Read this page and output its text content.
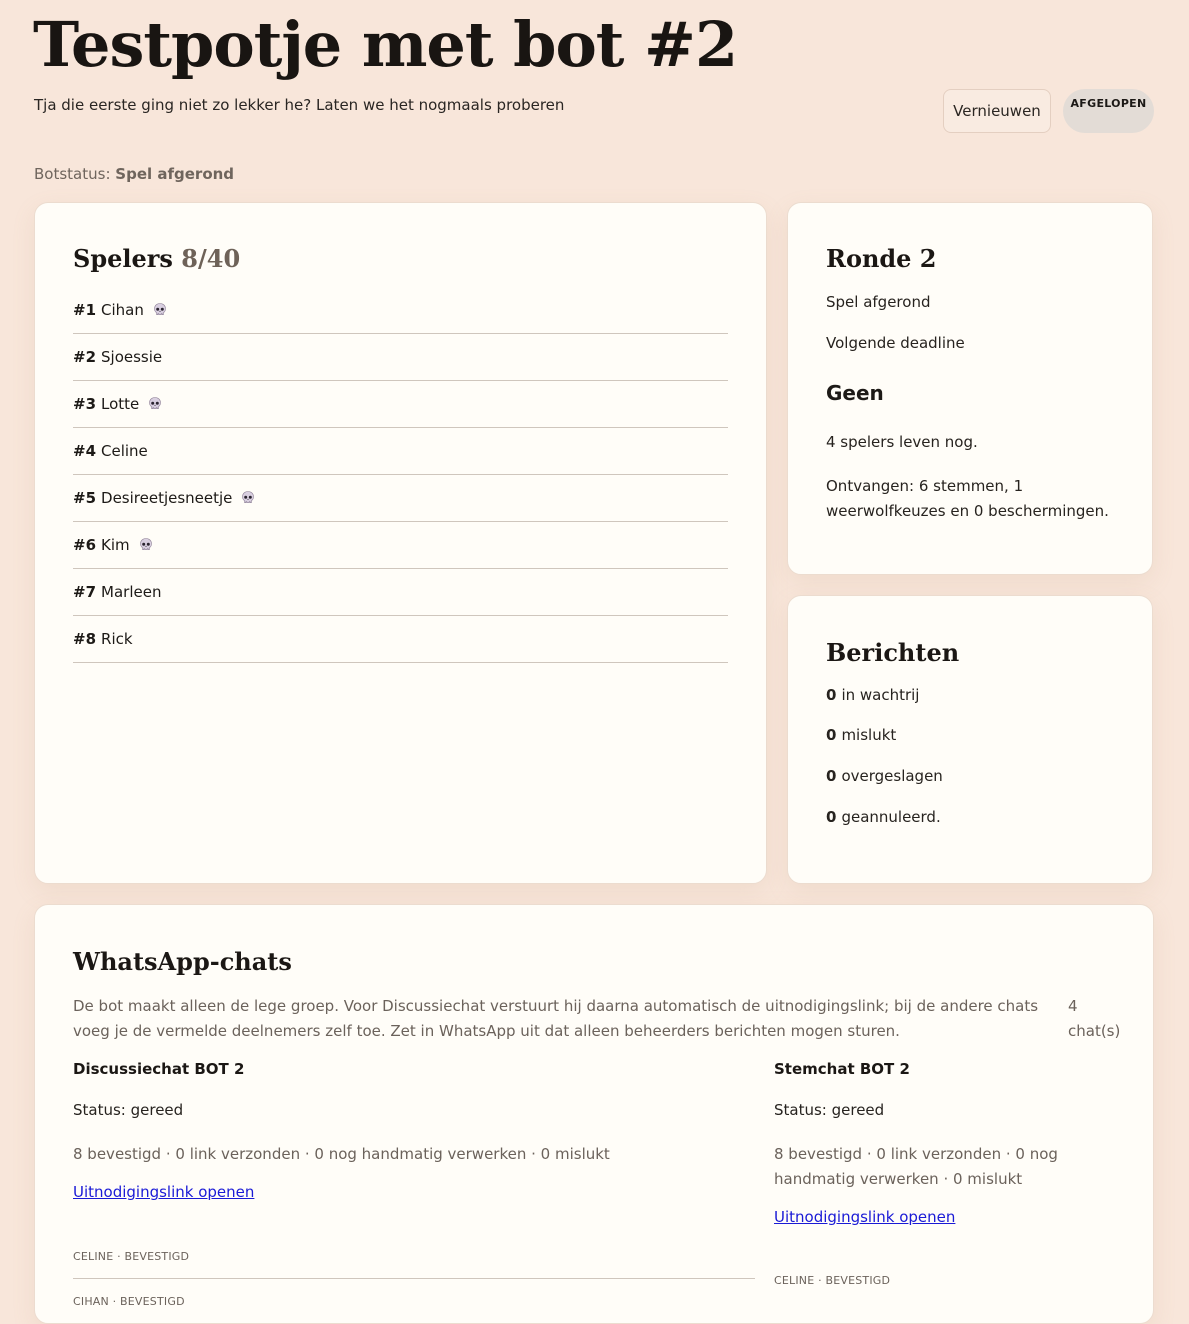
Testpotje met bot #2
Tja die eerste ging niet zo lekker he? Laten we het nogmaals proberen	Vernieuwen	AFGELOPEN
Botstatus: Spel afgerond
Spelers 8/40
#1 Cihan
#2 Sjoessie
#3 Lotte
#4 Celine
#5 Desireetjesneetje
#6 Kim
#7 Marleen
#8 Rick
Ronde 2
Spel afgerond
Volgende deadline
Geen
4 spelers leven nog.
Ontvangen: 6 stemmen, 1 weerwolfkeuzes en 0 beschermingen.
Berichten
0 in wachtrij
0 mislukt
0 overgeslagen
0 geannuleerd.
WhatsApp-chats
De bot maakt alleen de lege groep. Voor Discussiechat verstuurt hij daarna automatisch de uitnodigingslink; bij de andere chats voeg je de vermelde deelnemers zelf toe. Zet in WhatsApp uit dat alleen beheerders berichten mogen sturen.
4 chat(s)
Discussiechat BOT 2
Status: gereed
8 bevestigd · 0 link verzonden · 0 nog handmatig verwerken · 0 mislukt
Uitnodigingslink openen
CELINE · BEVESTIGD
CIHAN · BEVESTIGD
Stemchat BOT 2
Status: gereed
8 bevestigd · 0 link verzonden · 0 nog handmatig verwerken · 0 mislukt
Uitnodigingslink openen
CELINE · BEVESTIGD
